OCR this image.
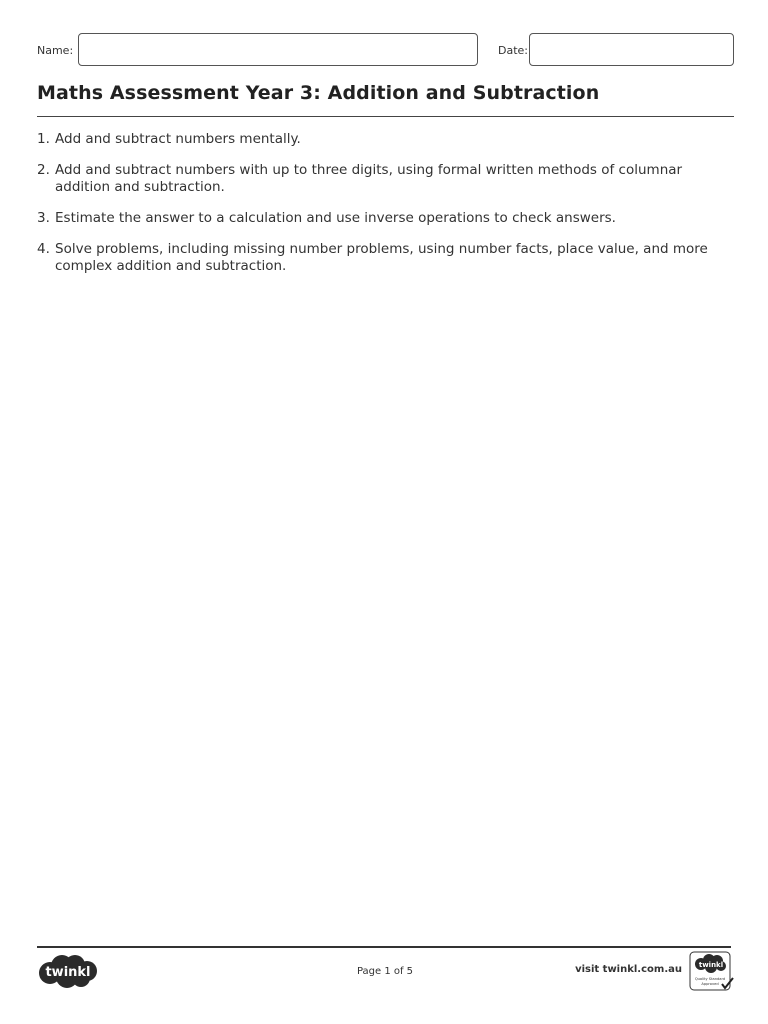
Name:	Date:
Maths Assessment Year 3: Addition and Subtraction
1. Add and subtract numbers mentally.
2. Add and subtract numbers with up to three digits, using formal written methods of columnar addition and subtraction.
3. Estimate the answer to a calculation and use inverse operations to check answers.
4. Solve problems, including missing number problems, using number facts, place value, and more complex addition and subtraction.
twinkl	Page 1 of 5	visit twinkl.com.au twinkl
Quality Standard
Approved
